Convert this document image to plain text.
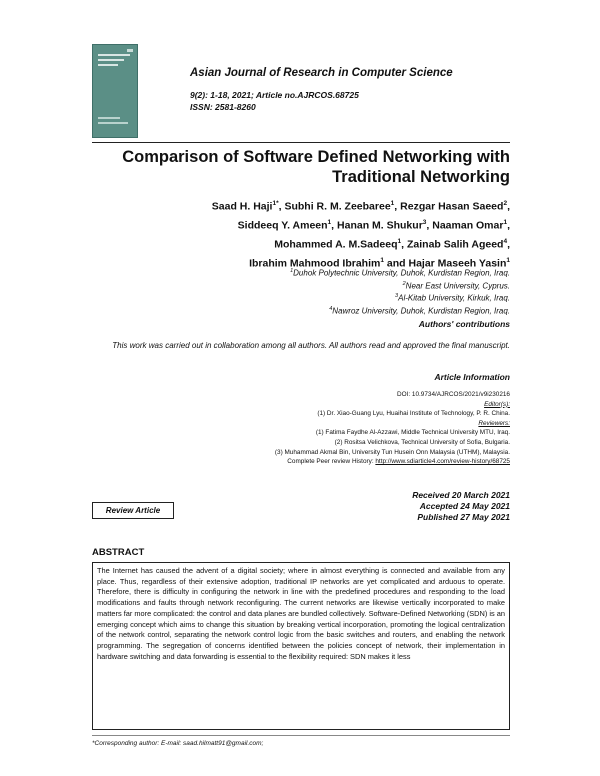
Asian Journal of Research in Computer Science
9(2): 1-18, 2021; Article no.AJRCOS.68725
ISSN: 2581-8260
Comparison of Software Defined Networking with
Traditional Networking
Saad H. Haji$^{1*}$, Subhi R. M. Zeebaree$^1$, Rezgar Hasan Saeed$^2$,
Siddeeq Y. Ameen$^1$, Hanan M. Shukur$^3$, Naaman Omar$^1$,
Mohammed A. M.Sadeeq$^1$, Zainab Salih Ageed$^4$,
Ibrahim Mahmood Ibrahim$^1$ and Hajar Maseeh Yasin$^1$
$^1$Duhok Polytechnic University, Duhok, Kurdistan Region, Iraq.
$^2$Near East University, Cyprus.
$^3$Al-Kitab University, Kirkuk, Iraq.
$^4$Nawroz University, Duhok, Kurdistan Region, Iraq.
Authors' contributions
This work was carried out in collaboration among all authors. All authors read and approved the final manuscript.
Article Information
DOI: 10.9734/AJRCOS/2021/v9i230216
Editor(s):
(1) Dr. Xiao-Guang Lyu, Huaihai Institute of Technology, P. R. China.
Reviewers:
(1) Fatima Faydhe Al-Azzawi, Middle Technical University MTU, Iraq.
(2) Rositsa Velichkova, Technical University of Sofia, Bulgaria.
(3) Muhammad Akmal Bin, University Tun Husein Onn Malaysia (UTHM), Malaysia.
Complete Peer review History: http://www.sdiarticle4.com/review-history/68725
Review Article
Received 20 March 2021
Accepted 24 May 2021
Published 27 May 2021
ABSTRACT

The Internet has caused the advent of a digital society; where in almost everything is connected and available from any place. Thus, regardless of their extensive adoption, traditional IP networks are yet complicated and arduous to operate. Therefore, there is difficulty in configuring the network in line with the predefined procedures and responding to the load modifications and faults through network reconfiguring. The current networks are likewise vertically incorporated to make matters far more complicated: the control and data planes are bundled collectively. Software-Defined Networking (SDN) is an emerging concept which aims to change this situation by breaking vertical incorporation, promoting the logical centralization of the network control, separating the network control logic from the basic switches and routers, and enabling the network programming. The segregation of concerns identified between the policies concept of network, their implementation in hardware switching and data forwarding is essential to the flexibility required: SDN makes it less

*Corresponding author: E-mail: saad.hilmatt91@gmail.com;
